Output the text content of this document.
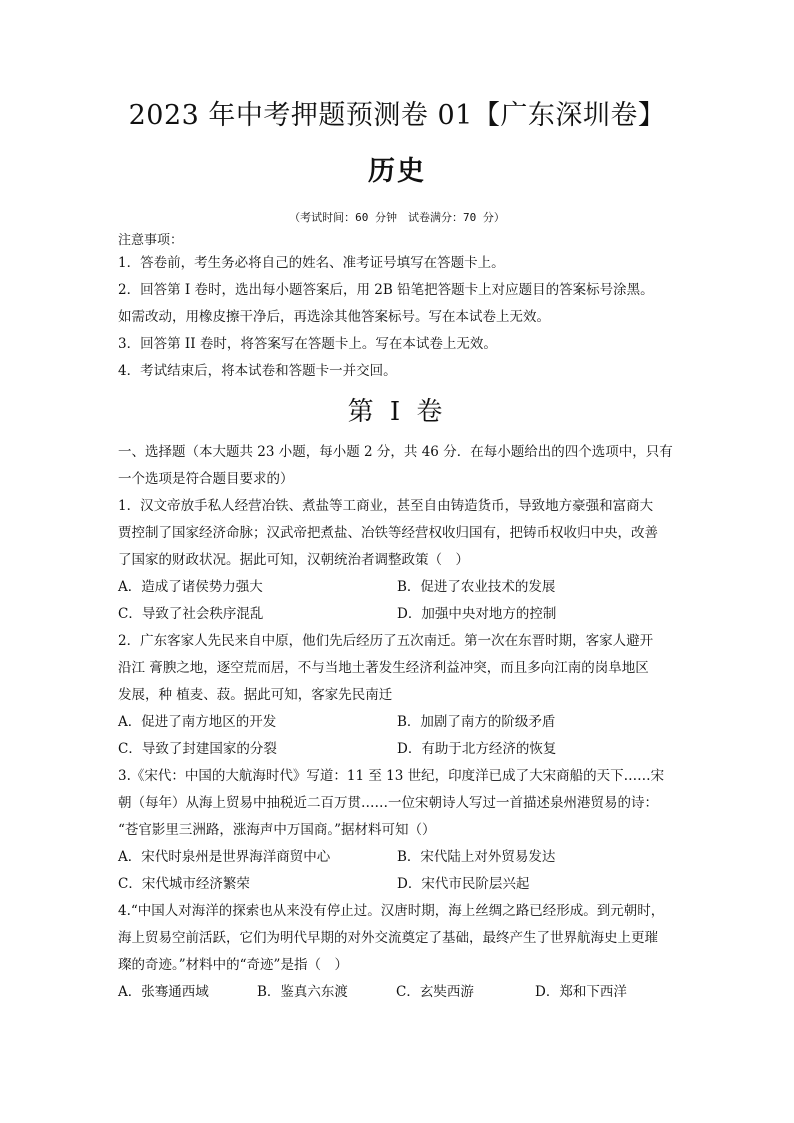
2023 年中考押题预测卷 01【广东深圳卷】
历史
（考试时间：60 分钟　试卷满分：70 分）
注意事项：
1．答卷前，考生务必将自己的姓名、准考证号填写在答题卡上。
2．回答第 I 卷时，选出每小题答案后，用 2B 铅笔把答题卡上对应题目的答案标号涂黑。
如需改动，用橡皮擦干净后，再选涂其他答案标号。写在本试卷上无效。
3．回答第 II 卷时，将答案写在答题卡上。写在本试卷上无效。
4．考试结束后，将本试卷和答题卡一并交回。
第 I 卷
一、选择题（本大题共 23 小题，每小题 2 分，共 46 分．在每小题给出的四个选项中，只有
一个选项是符合题目要求的）
1．汉文帝放手私人经营冶铁、煮盐等工商业，甚至自由铸造货币，导致地方豪强和富商大
贾控制了国家经济命脉；汉武帝把煮盐、冶铁等经营权收归国有，把铸币权收归中央，改善
了国家的财政状况。据此可知，汉朝统治者调整政策（　）
A．造成了诸侯势力强大	B．促进了农业技术的发展
C．导致了社会秩序混乱	D．加强中央对地方的控制
2．广东客家人先民来自中原，他们先后经历了五次南迁。第一次在东晋时期，客家人避开
沿江 膏腴之地，逐空荒而居，不与当地土著发生经济利益冲突，而且多向江南的岗阜地区
发展，种 植麦、菽。据此可知，客家先民南迁
A．促进了南方地区的开发	B．加剧了南方的阶级矛盾
C．导致了封建国家的分裂	D．有助于北方经济的恢复
3.《宋代：中国的大航海时代》写道：11 至 13 世纪，印度洋已成了大宋商船的天下……宋
朝（每年）从海上贸易中抽税近二百万贯……一位宋朝诗人写过一首描述泉州港贸易的诗：
“苍官影里三洲路，涨海声中万国商。”据材料可知（）
A．宋代时泉州是世界海洋商贸中心	B．宋代陆上对外贸易发达
C．宋代城市经济繁荣	D．宋代市民阶层兴起
4.“中国人对海洋的探索也从来没有停止过。汉唐时期，海上丝绸之路已经形成。到元朝时，
海上贸易空前活跃，它们为明代早期的对外交流奠定了基础，最终产生了世界航海史上更璀
璨的奇迹。”材料中的“奇迹”是指（　）
A．张骞通西域	B．鉴真六东渡	C．玄奘西游	D．郑和下西洋
